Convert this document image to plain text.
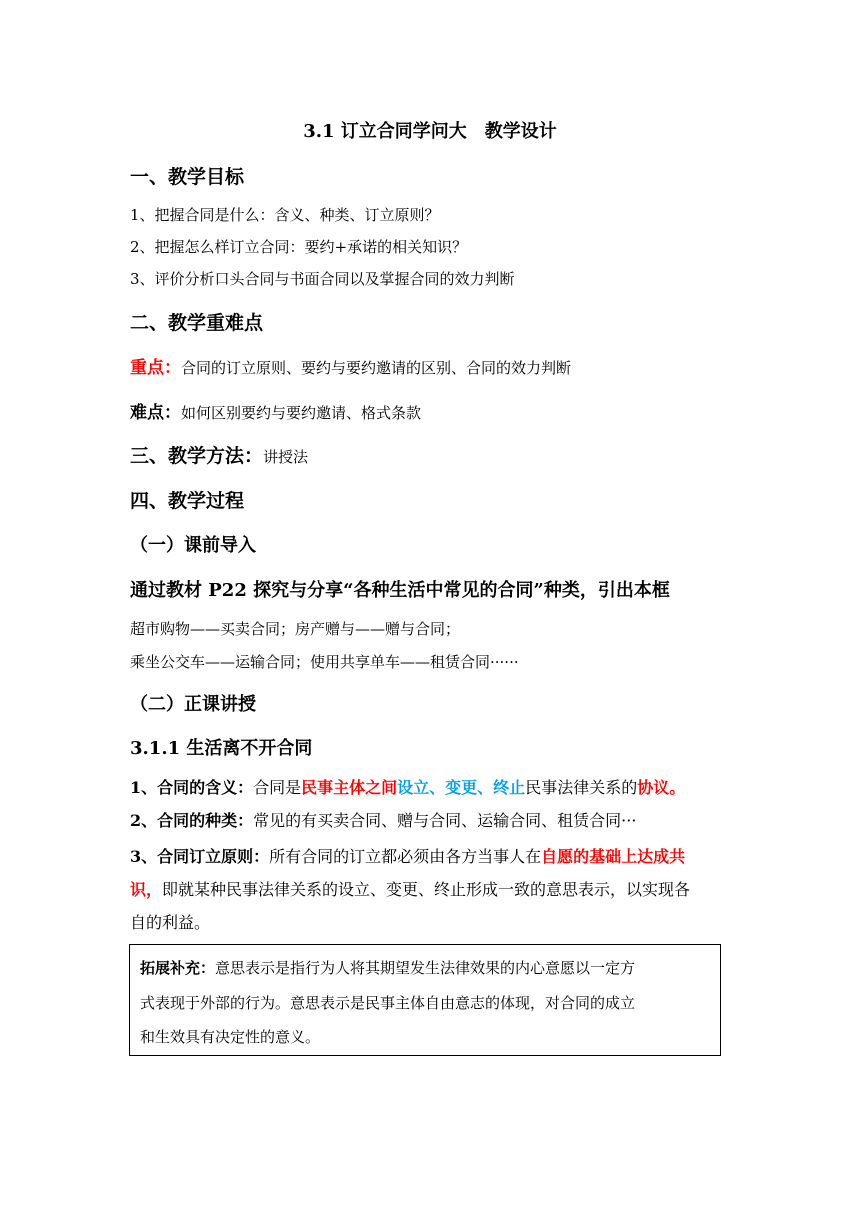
3.1 订立合同学问大　教学设计
一、教学目标
1、把握合同是什么：含义、种类、订立原则？
2、把握怎么样订立合同：要约+承诺的相关知识？
3、评价分析口头合同与书面合同以及掌握合同的效力判断
二、教学重难点
重点：合同的订立原则、要约与要约邀请的区别、合同的效力判断
难点：如何区别要约与要约邀请、格式条款
三、教学方法：讲授法
四、教学过程
（一）课前导入
通过教材 P22 探究与分享“各种生活中常见的合同”种类，引出本框
超市购物——买卖合同；房产赠与——赠与合同；
乘坐公交车——运输合同；使用共享单车——租赁合同······
（二）正课讲授
3.1.1 生活离不开合同
1、合同的含义：合同是民事主体之间设立、变更、终止民事法律关系的协议。
2、合同的种类：常见的有买卖合同、赠与合同、运输合同、租赁合同···
3、合同订立原则：所有合同的订立都必须由各方当事人在自愿的基础上达成共
识，即就某种民事法律关系的设立、变更、终止形成一致的意思表示，以实现各
自的利益。
拓展补充：意思表示是指行为人将其期望发生法律效果的内心意愿以一定方
式表现于外部的行为。意思表示是民事主体自由意志的体现，对合同的成立
和生效具有决定性的意义。
